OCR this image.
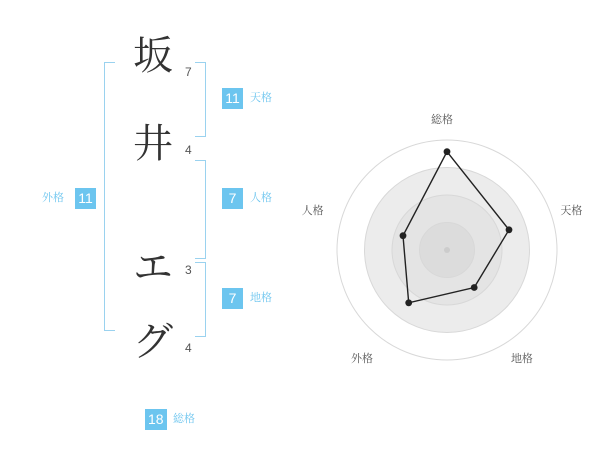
坂
井
エ
グ
7
4
3
4
11 天格
7	人格
7	地格
11
外格
18 総格
総格
天格
地格
外格
人格
